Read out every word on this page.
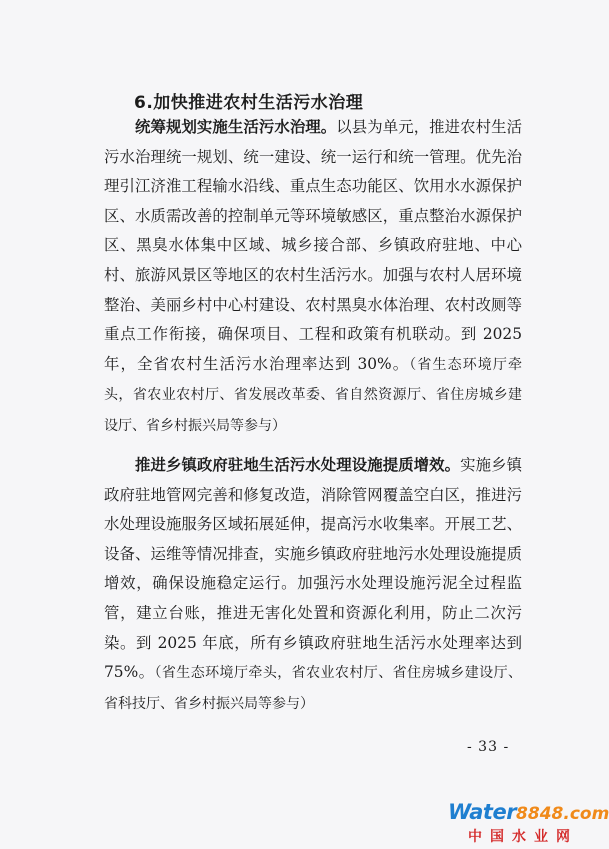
6.加快推进农村生活污水治理

统筹规划实施生活污水治理。以县为单元，推进农村生活污水治理统一规划、统一建设、统一运行和统一管理。优先治理引江济淮工程输水沿线、重点生态功能区、饮用水水源保护区、水质需改善的控制单元等环境敏感区，重点整治水源保护区、黑臭水体集中区域、城乡接合部、乡镇政府驻地、中心村、旅游风景区等地区的农村生活污水。加强与农村人居环境整治、美丽乡村中心村建设、农村黑臭水体治理、农村改厕等重点工作衔接，确保项目、工程和政策有机联动。到 2025 年，全省农村生活污水治理率达到 30%。（省生态环境厅牵头，省农业农村厅、省发展改革委、省自然资源厅、省住房城乡建设厅、省乡村振兴局等参与）

推进乡镇政府驻地生活污水处理设施提质增效。实施乡镇政府驻地管网完善和修复改造，消除管网覆盖空白区，推进污水处理设施服务区域拓展延伸，提高污水收集率。开展工艺、设备、运维等情况排查，实施乡镇政府驻地污水处理设施提质增效，确保设施稳定运行。加强污水处理设施污泥全过程监管，建立台账，推进无害化处置和资源化利用，防止二次污染。到 2025 年底，所有乡镇政府驻地生活污水处理率达到 75%。（省生态环境厅牵头，省农业农村厅、省住房城乡建设厅、省科技厅、省乡村振兴局等参与）

- 33 -
Water8848.com
中国水业网
